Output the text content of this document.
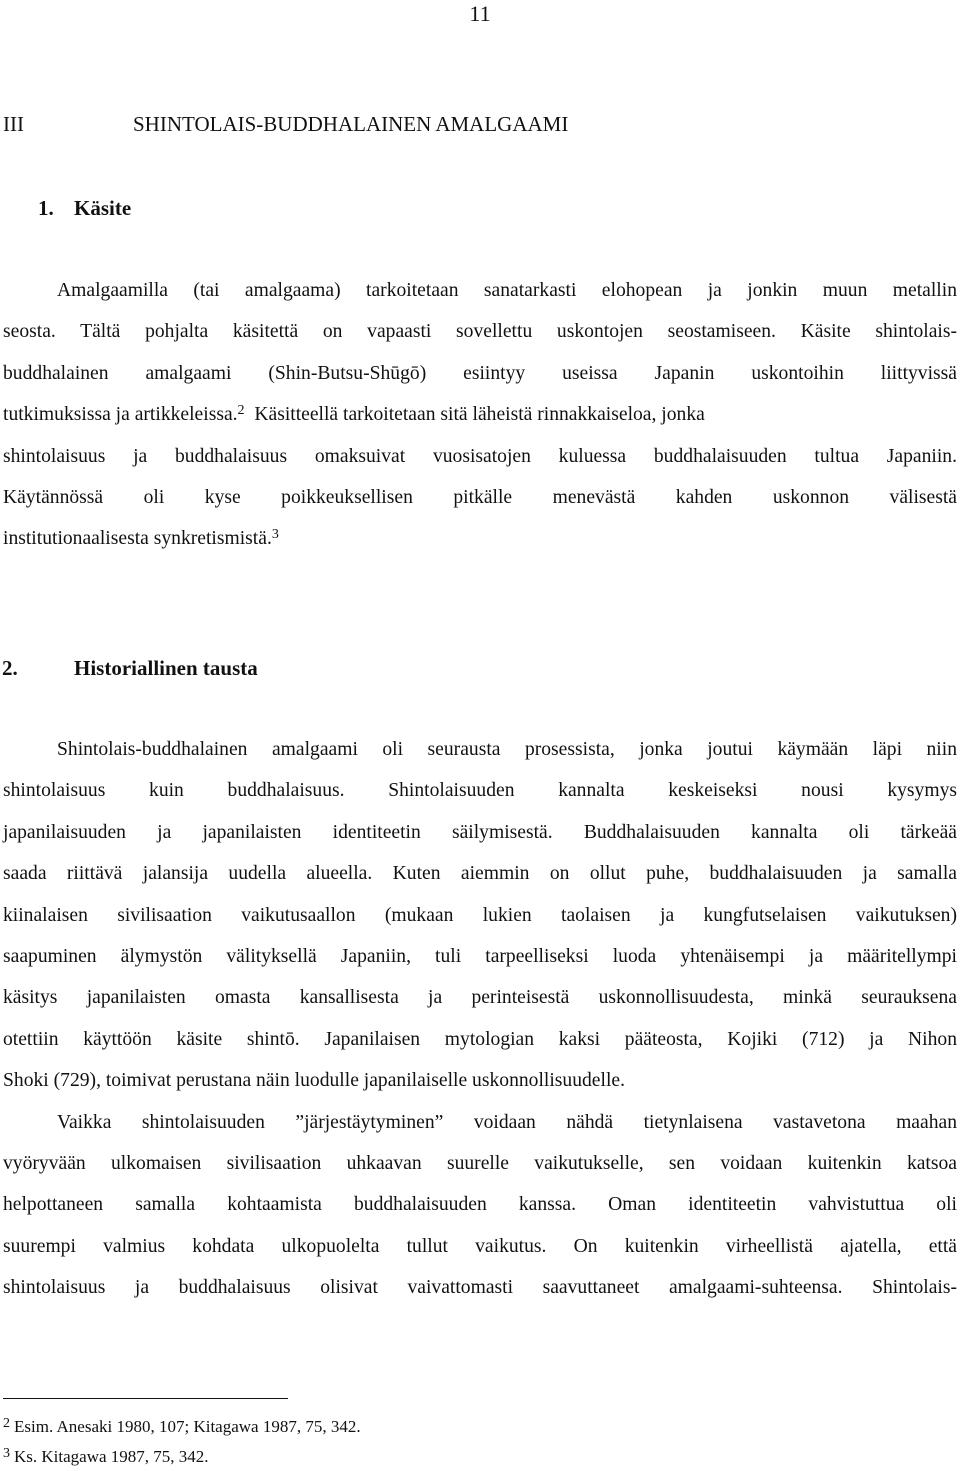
11
III	SHINTOLAIS-BUDDHALAINEN AMALGAAMI
1. Käsite
Amalgaamilla (tai amalgaama) tarkoitetaan sanatarkasti elohopean ja jonkin muun metallin
seosta. Tältä pohjalta käsitettä on vapaasti sovellettu uskontojen seostamiseen. Käsite shintolais-
buddhalainen amalgaami (Shin-Butsu-Shūgō) esiintyy useissa Japanin uskontoihin liittyvissä
tutkimuksissa ja artikkeleissa.$^2$ Käsitteellä tarkoitetaan sitä läheistä rinnakkaiseloa, jonka
shintolaisuus ja buddhalaisuus omaksuivat vuosisatojen kuluessa buddhalaisuuden tultua Japaniin.
Käytännössä oli kyse poikkeuksellisen pitkälle menevästä kahden uskonnon välisestä
institutionaalisesta synkretismistä.$^3$
2.	Historiallinen tausta
Shintolais-buddhalainen amalgaami oli seurausta prosessista, jonka joutui käymään läpi niin
shintolaisuus kuin buddhalaisuus. Shintolaisuuden kannalta keskeiseksi nousi kysymys
japanilaisuuden ja japanilaisten identiteetin säilymisestä. Buddhalaisuuden kannalta oli tärkeää
saada riittävä jalansija uudella alueella. Kuten aiemmin on ollut puhe, buddhalaisuuden ja samalla
kiinalaisen sivilisaation vaikutusaallon (mukaan lukien taolaisen ja kungfutselaisen vaikutuksen)
saapuminen älymystön välityksellä Japaniin, tuli tarpeelliseksi luoda yhtenäisempi ja määritellympi
käsitys japanilaisten omasta kansallisesta ja perinteisestä uskonnollisuudesta, minkä seurauksena
otettiin käyttöön käsite shintō. Japanilaisen mytologian kaksi pääteosta, Kojiki (712) ja Nihon
Shoki (729), toimivat perustana näin luodulle japanilaiselle uskonnollisuudelle.
Vaikka shintolaisuuden ”järjestäytyminen” voidaan nähdä tietynlaisena vastavetona maahan
vyöryvään ulkomaisen sivilisaation uhkaavan suurelle vaikutukselle, sen voidaan kuitenkin katsoa
helpottaneen samalla kohtaamista buddhalaisuuden kanssa. Oman identiteetin vahvistuttua oli
suurempi valmius kohdata ulkopuolelta tullut vaikutus. On kuitenkin virheellistä ajatella, että
shintolaisuus ja buddhalaisuus olisivat vaivattomasti saavuttaneet amalgaami-suhteensa. Shintolais-
$^2$ Esim. Anesaki 1980, 107; Kitagawa 1987, 75, 342.
$^3$ Ks. Kitagawa 1987, 75, 342.
